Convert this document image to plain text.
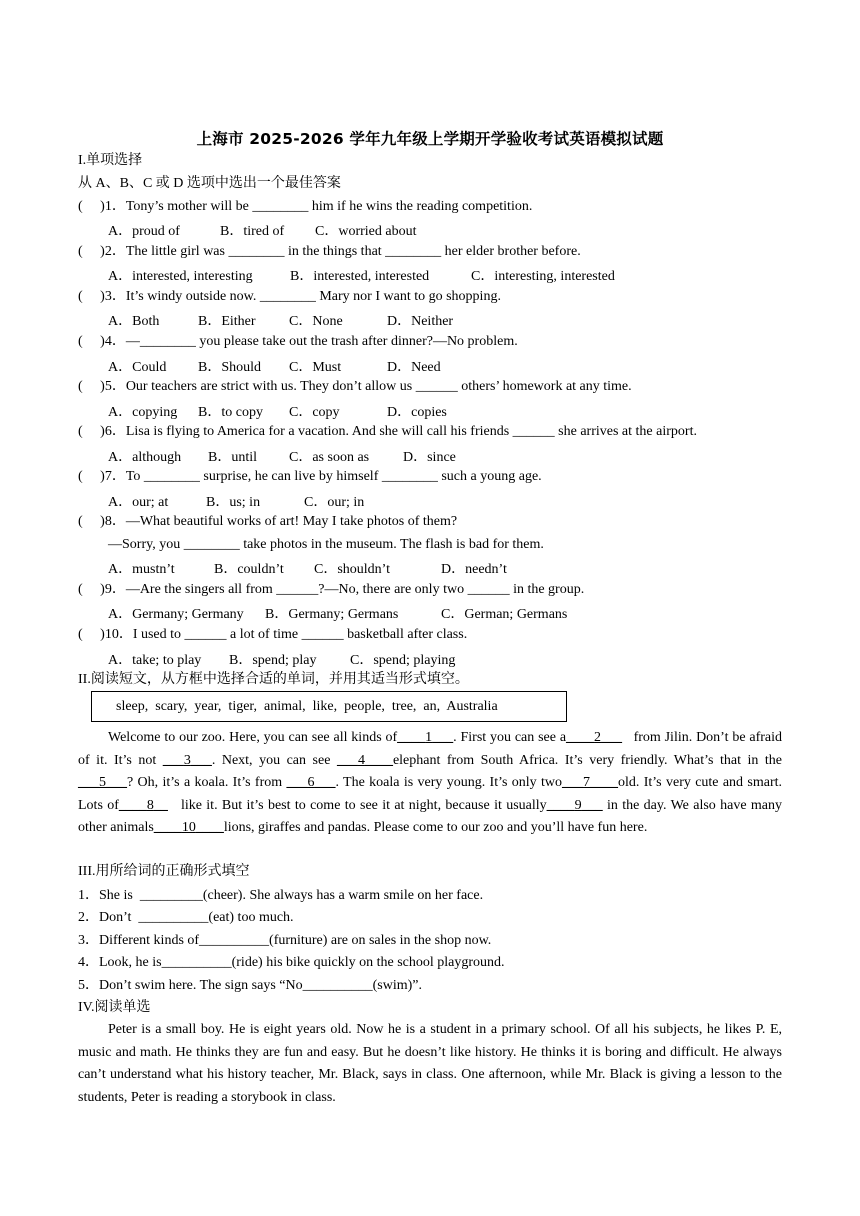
上海市 2025-2026 学年九年级上学期开学验收考试英语模拟试题
I.单项选择
从 A、B、C 或 D 选项中选出一个最佳答案
(     )1．Tony’s mother will be ________ him if he wins the reading competition.
A．proud of	B．tired of C．worried about
(     )2．The little girl was ________ in the things that ________ her elder brother before.
A．interested, interesting	B．interested, interested	C．interesting, interested
(     )3．It’s windy outside now. ________ Mary nor I want to go shopping.
A．Both	B．Either C．None	D．Neither
(     )4．—________ you please take out the trash after dinner?—No problem.
A．Could B．Should C．Must	D．Need
(     )5．Our teachers are strict with us. They don’t allow us ______ others’ homework at any time.
A．copying B．to copy C．copy	D．copies
(     )6．Lisa is flying to America for a vacation. And she will call his friends ______ she arrives at the airport.
A．although B．until C．as soon as D．since
(     )7．To ________ surprise, he can live by himself ________ such a young age.
A．our; at	B．us; in	C．our; in
(     )8．—What beautiful works of art! May I take photos of them?
—Sorry, you ________ take photos in the museum. The flash is bad for them.
A．mustn’t	B．couldn’t C．shouldn’t	D．needn’t
(     )9．—Are the singers all from ______?—No, there are only two ______ in the group.
A．Germany; Germany B．Germany; Germans	C．German; Germans
(     )10．I used to ______ a lot of time ______ basketball after class.
A．take; to play B．spend; play C．spend; playing
II.阅读短文，从方框中选择合适的单词，并用其适当形式填空。
sleep,  scary,  year,  tiger,  animal,  like,  people,  tree,  an,  Australia
Welcome to our zoo. Here, you can see all kinds of____1___. First you can see a____2___ from Jilin. Don’t be afraid of it. It’s not ___3___. Next, you can see ___4____elephant from South Africa. It’s very friendly. What’s that in the ___5___? Oh, it’s a koala. It’s from ___6___. The koala is very young. It’s only two___7____old. It’s very cute and smart. Lots of____8__ like it. But it’s best to come to see it at night, because it usually____9___ in the day. We also have many other animals____10____lions, giraffes and pandas. Please come to our zoo and you’ll have fun here.
III.用所给词的正确形式填空
1．She is  _________(cheer). She always has a warm smile on her face.
2．Don’t  __________(eat) too much.
3．Different kinds of__________(furniture) are on sales in the shop now.
4．Look, he is__________(ride) his bike quickly on the school playground.
5．Don’t swim here. The sign says “No__________(swim)”.
IV.阅读单选
Peter is a small boy. He is eight years old. Now he is a student in a primary school. Of all his subjects, he likes P. E, music and math. He thinks they are fun and easy. But he doesn’t like history. He thinks it is boring and difficult. He always can’t understand what his history teacher, Mr. Black, says in class. One afternoon, while Mr. Black is giving a lesson to the students, Peter is reading a storybook in class.
